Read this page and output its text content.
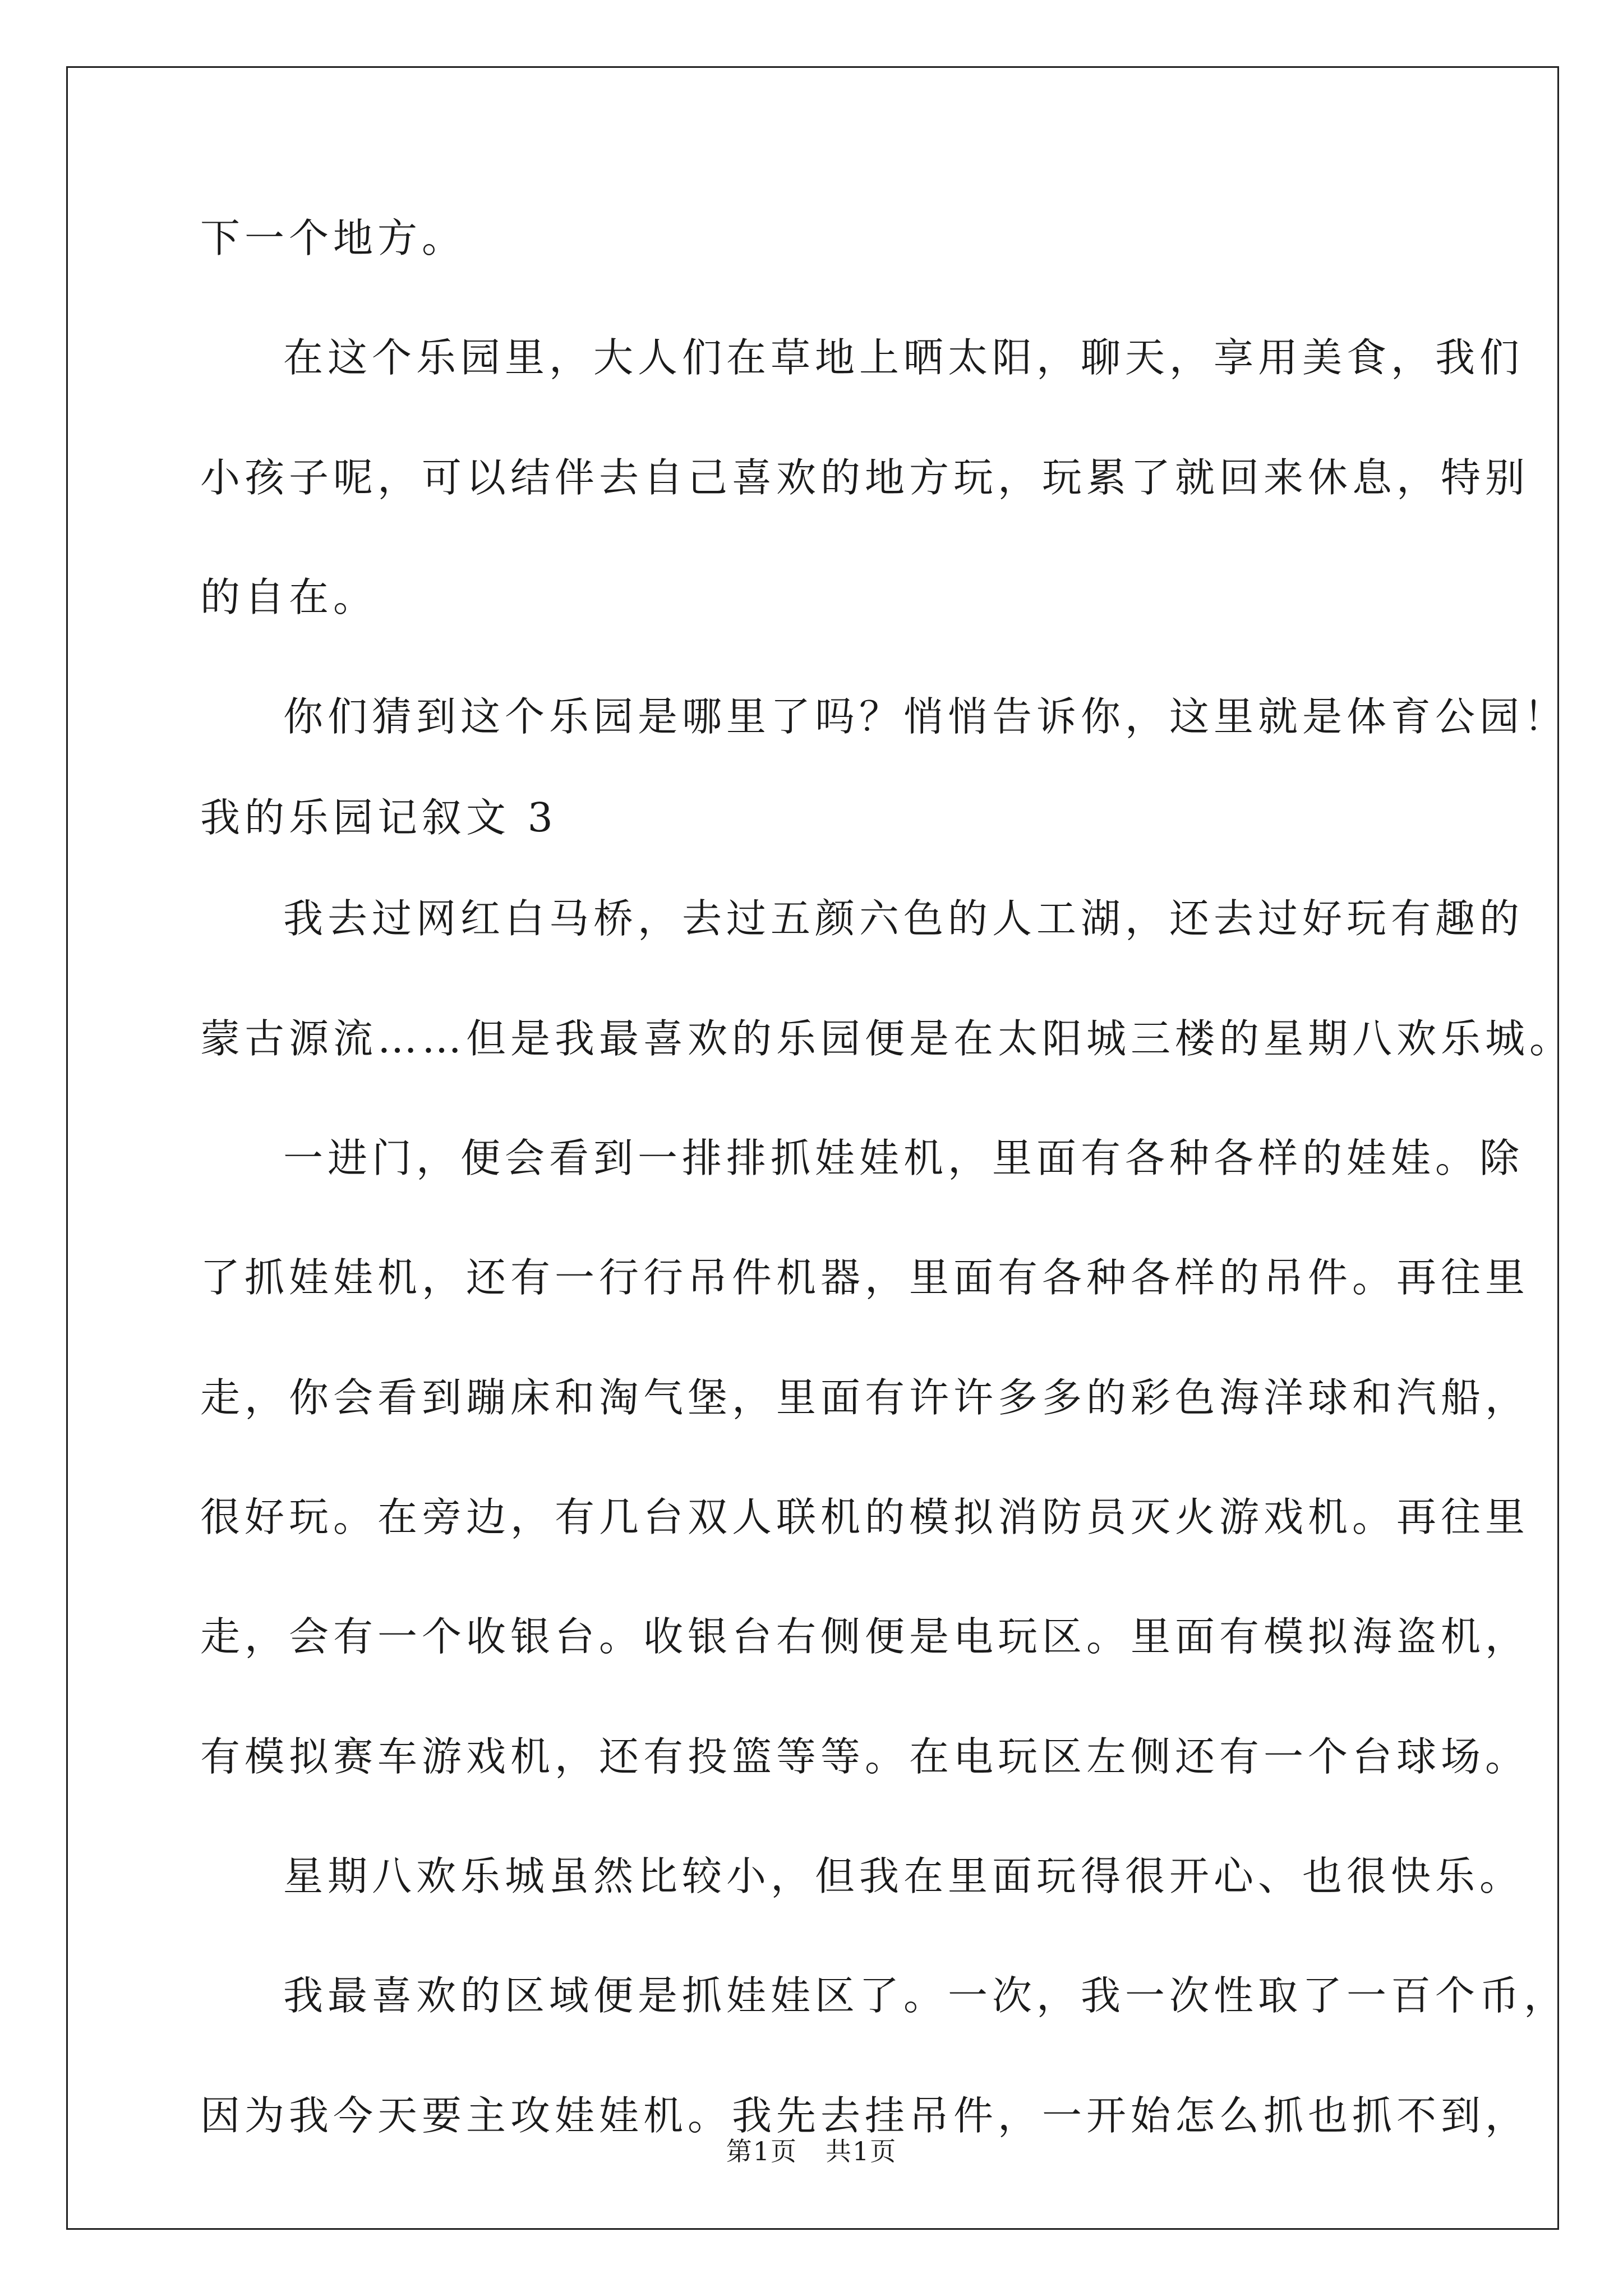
下一个地方。
在这个乐园里，大人们在草地上晒太阳，聊天，享用美食，我们
小孩子呢，可以结伴去自己喜欢的地方玩，玩累了就回来休息，特别
的自在。
你们猜到这个乐园是哪里了吗？悄悄告诉你，这里就是体育公园！
我的乐园记叙文 3
我去过网红白马桥，去过五颜六色的人工湖，还去过好玩有趣的
蒙古源流……但是我最喜欢的乐园便是在太阳城三楼的星期八欢乐城。
一进门，便会看到一排排抓娃娃机，里面有各种各样的娃娃。除
了抓娃娃机，还有一行行吊件机器，里面有各种各样的吊件。再往里
走，你会看到蹦床和淘气堡，里面有许许多多的彩色海洋球和汽船，
很好玩。在旁边，有几台双人联机的模拟消防员灭火游戏机。再往里
走，会有一个收银台。收银台右侧便是电玩区。里面有模拟海盗机，
有模拟赛车游戏机，还有投篮等等。在电玩区左侧还有一个台球场。
星期八欢乐城虽然比较小，但我在里面玩得很开心、也很快乐。
我最喜欢的区域便是抓娃娃区了。一次，我一次性取了一百个币，
因为我今天要主攻娃娃机。我先去挂吊件，一开始怎么抓也抓不到，
第1页 共1页
